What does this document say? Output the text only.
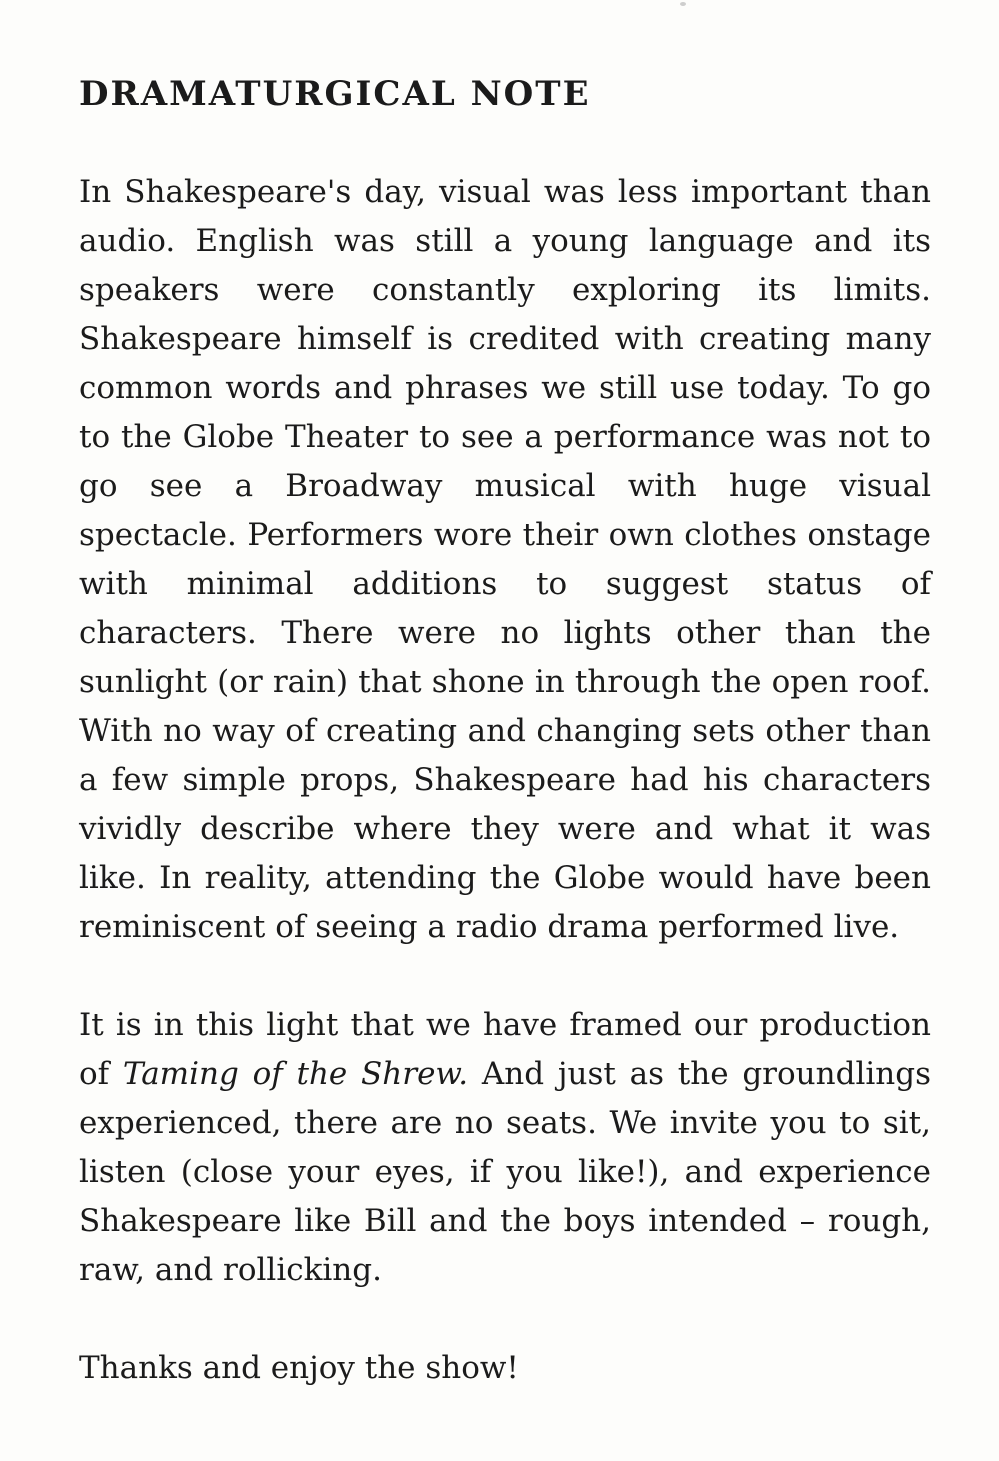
DRAMATURGICAL NOTE

In Shakespeare's day, visual was less important than audio. English was still a young language and its speakers were constantly exploring its limits. Shakespeare himself is credited with creating many common words and phrases we still use today. To go to the Globe Theater to see a performance was not to go see a Broadway musical with huge visual spectacle. Performers wore their own clothes onstage with minimal additions to suggest status of characters. There were no lights other than the sunlight (or rain) that shone in through the open roof. With no way of creating and changing sets other than a few simple props, Shakespeare had his characters vividly describe where they were and what it was like. In reality, attending the Globe would have been reminiscent of seeing a radio drama performed live.

It is in this light that we have framed our production of Taming of the Shrew. And just as the groundlings experienced, there are no seats. We invite you to sit, listen (close your eyes, if you like!), and experience Shakespeare like Bill and the boys intended – rough, raw, and rollicking.

Thanks and enjoy the show!
